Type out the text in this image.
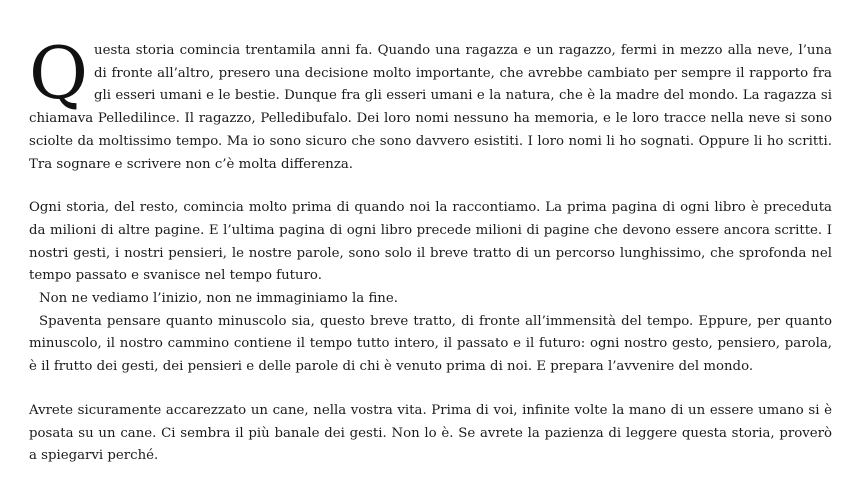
Questa storia comincia trentamila anni fa. Quando una ragazza e un ragazzo, fermi in mezzo alla neve, l’una di fronte all’altro, presero una decisione molto importante, che avrebbe cambiato per sempre il rapporto fra gli esseri umani e le bestie. Dunque fra gli esseri umani e la natura, che è la madre del mondo. La ragazza si chiamava Pelledilince. Il ragazzo, Pelledibufalo. Dei loro nomi nessuno ha memoria, e le loro tracce nella neve si sono sciolte da moltissimo tempo. Ma io sono sicuro che sono davvero esistiti. I loro nomi li ho sognati. Oppure li ho scritti. Tra sognare e scrivere non c’è molta differenza.

Ogni storia, del resto, comincia molto prima di quando noi la raccontiamo. La prima pagina di ogni libro è preceduta da milioni di altre pagine. E l’ultima pagina di ogni libro precede milioni di pagine che devono essere ancora scritte. I nostri gesti, i nostri pensieri, le nostre parole, sono solo il breve tratto di un percorso lunghissimo, che sprofonda nel tempo passato e svanisce nel tempo futuro.

Non ne vediamo l’inizio, non ne immaginiamo la fine.

Spaventa pensare quanto minuscolo sia, questo breve tratto, di fronte all’immensità del tempo. Eppure, per quanto minuscolo, il nostro cammino contiene il tempo tutto intero, il passato e il futuro: ogni nostro gesto, pensiero, parola, è il frutto dei gesti, dei pensieri e delle parole di chi è venuto prima di noi. E prepara l’avvenire del mondo.

Avrete sicuramente accarezzato un cane, nella vostra vita. Prima di voi, infinite volte la mano di un essere umano si è posata su un cane. Ci sembra il più banale dei gesti. Non lo è. Se avrete la pazienza di leggere questa storia, proverò a spiegarvi perché.
